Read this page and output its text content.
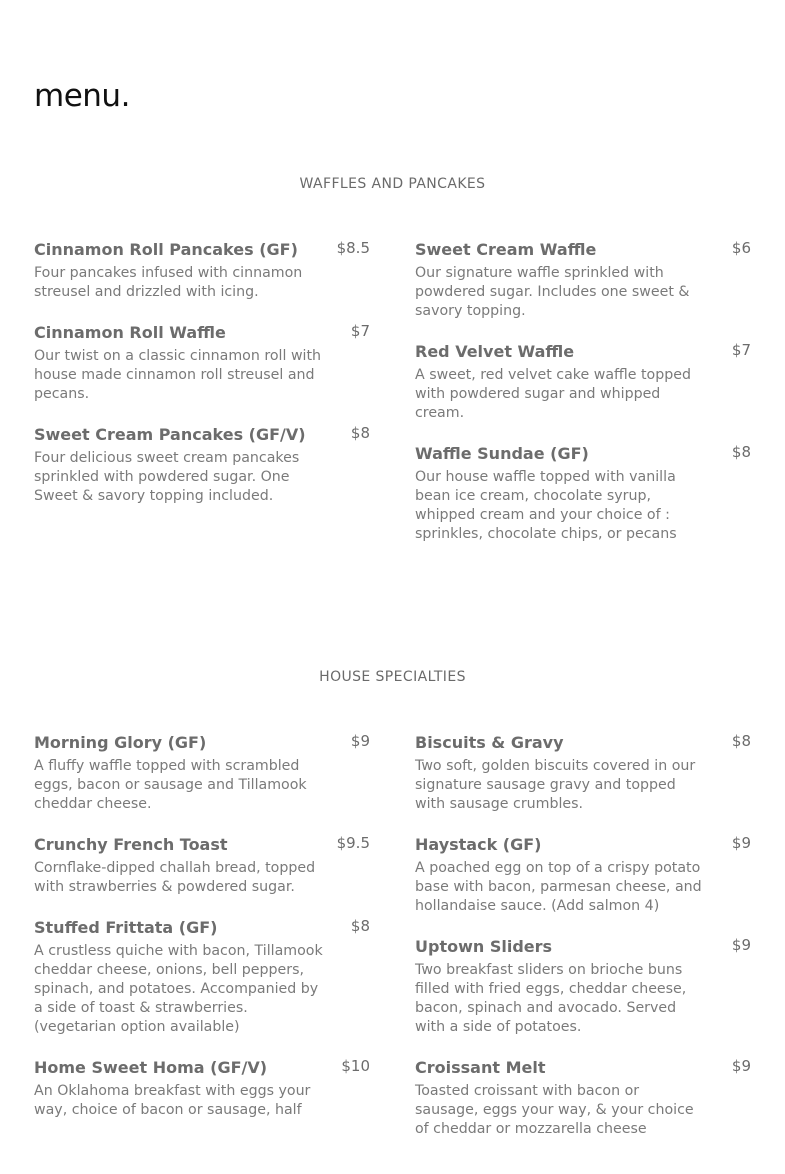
menu.
WAFFLES AND PANCAKES
Cinnamon Roll Pancakes (GF)	$8.5
Four pancakes infused with cinnamon streusel and drizzled with icing.
Cinnamon Roll Waffle	$7
Our twist on a classic cinnamon roll with house made cinnamon roll streusel and pecans.
Sweet Cream Pancakes (GF/V)	$8
Four delicious sweet cream pancakes sprinkled with powdered sugar. One Sweet & savory topping included.
Sweet Cream Waffle	$6
Our signature waffle sprinkled with powdered sugar. Includes one sweet & savory topping.
Red Velvet Waffle	$7
A sweet, red velvet cake waffle topped with powdered sugar and whipped cream.
Waffle Sundae (GF)	$8
Our house waffle topped with vanilla bean ice cream, chocolate syrup, whipped cream and your choice of : sprinkles, chocolate chips, or pecans
HOUSE SPECIALTIES
Morning Glory (GF)	$9
A fluffy waffle topped with scrambled eggs, bacon or sausage and Tillamook cheddar cheese.
Crunchy French Toast	$9.5
Cornflake-dipped challah bread, topped with strawberries & powdered sugar.
Stuffed Frittata (GF)	$8
A crustless quiche with bacon, Tillamook cheddar cheese, onions, bell peppers, spinach, and potatoes. Accompanied by a side of toast & strawberries. (vegetarian option available)
Home Sweet Homa (GF/V)	$10
An Oklahoma breakfast with eggs your way, choice of bacon or sausage, half
Biscuits & Gravy	$8
Two soft, golden biscuits covered in our signature sausage gravy and topped with sausage crumbles.
Haystack (GF)	$9
A poached egg on top of a crispy potato base with bacon, parmesan cheese, and hollandaise sauce. (Add salmon 4)
Uptown Sliders	$9
Two breakfast sliders on brioche buns filled with fried eggs, cheddar cheese, bacon, spinach and avocado. Served with a side of potatoes.
Croissant Melt	$9
Toasted croissant with bacon or sausage, eggs your way, & your choice of cheddar or mozzarella cheese
